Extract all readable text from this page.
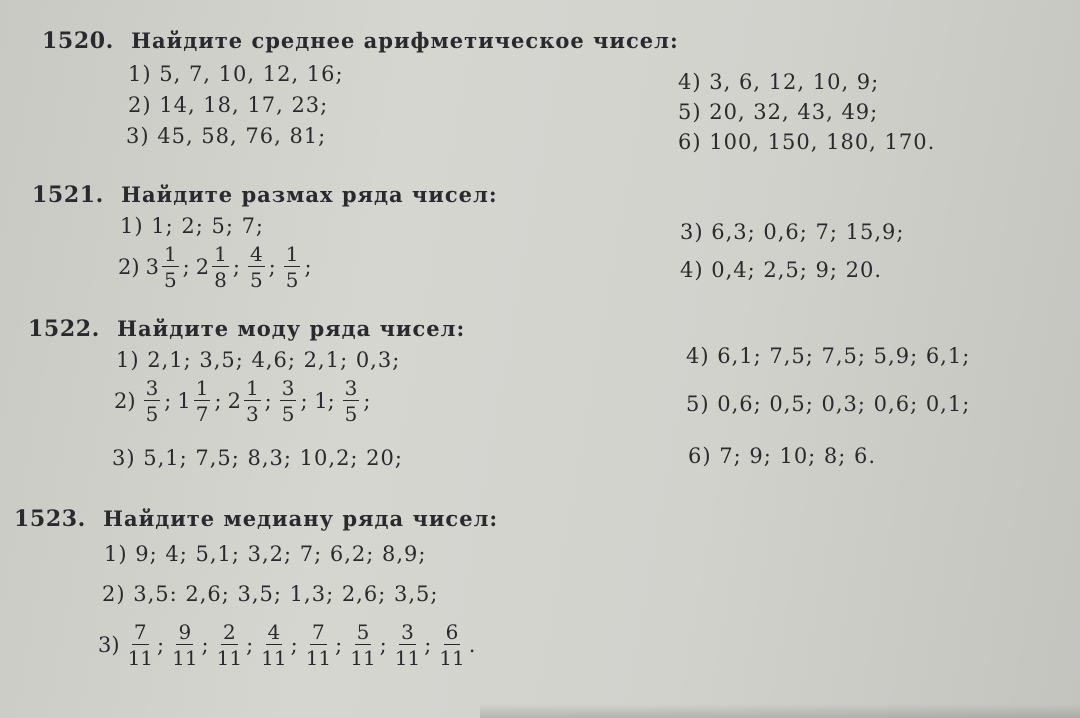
1520. Найдите среднее арифметическое чисел:
1) 5, 7, 10, 12, 16;
2) 14, 18, 17, 23;
3) 45, 58, 76, 81;
4) 3, 6, 12, 10, 9;
5) 20, 32, 43, 49;
6) 100, 150, 180, 170.
1521. Найдите размах ряда чисел:
1) 1; 2; 5; 7;
2) $3 \frac{1}{5}$ ; $2 \frac{1}{8}$ ; $\frac{4}{5}$ ; $\frac{1}{5}$ ;
3) 6,3; 0,6; 7; 15,9;
4) 0,4; 2,5; 9; 20.
1522. Найдите моду ряда чисел:
1) 2,1; 3,5; 4,6; 2,1; 0,3;
$2) \frac{3}{5}$ ; $1 \frac{1}{7}$ ; $2 \frac{1}{3}$ ; $\frac{3}{5}$ ; 1; $\frac{3}{5}$ ;
3) 5,1; 7,5; 8,3; 10,2; 20;
4) 6,1; 7,5; 7,5; 5,9; 6,1;
5) 0,6; 0,5; 0,3; 0,6; 0,1;
6) 7; 9; 10; 8; 6.
1523. Найдите медиану ряда чисел:
1) 9; 4; 5,1; 3,2; 7; 6,2; 8,9;
2) 3,5: 2,6; 3,5; 1,3; 2,6; 3,5;
$3) \frac{7}{11}$ ; $\frac{9}{11}$ ; $\frac{2}{11}$ ; $\frac{4}{11}$ ; $\frac{7}{11}$ ; $\frac{5}{11}$ ; $\frac{3}{11}$ ; $\frac{6}{11}$ .
